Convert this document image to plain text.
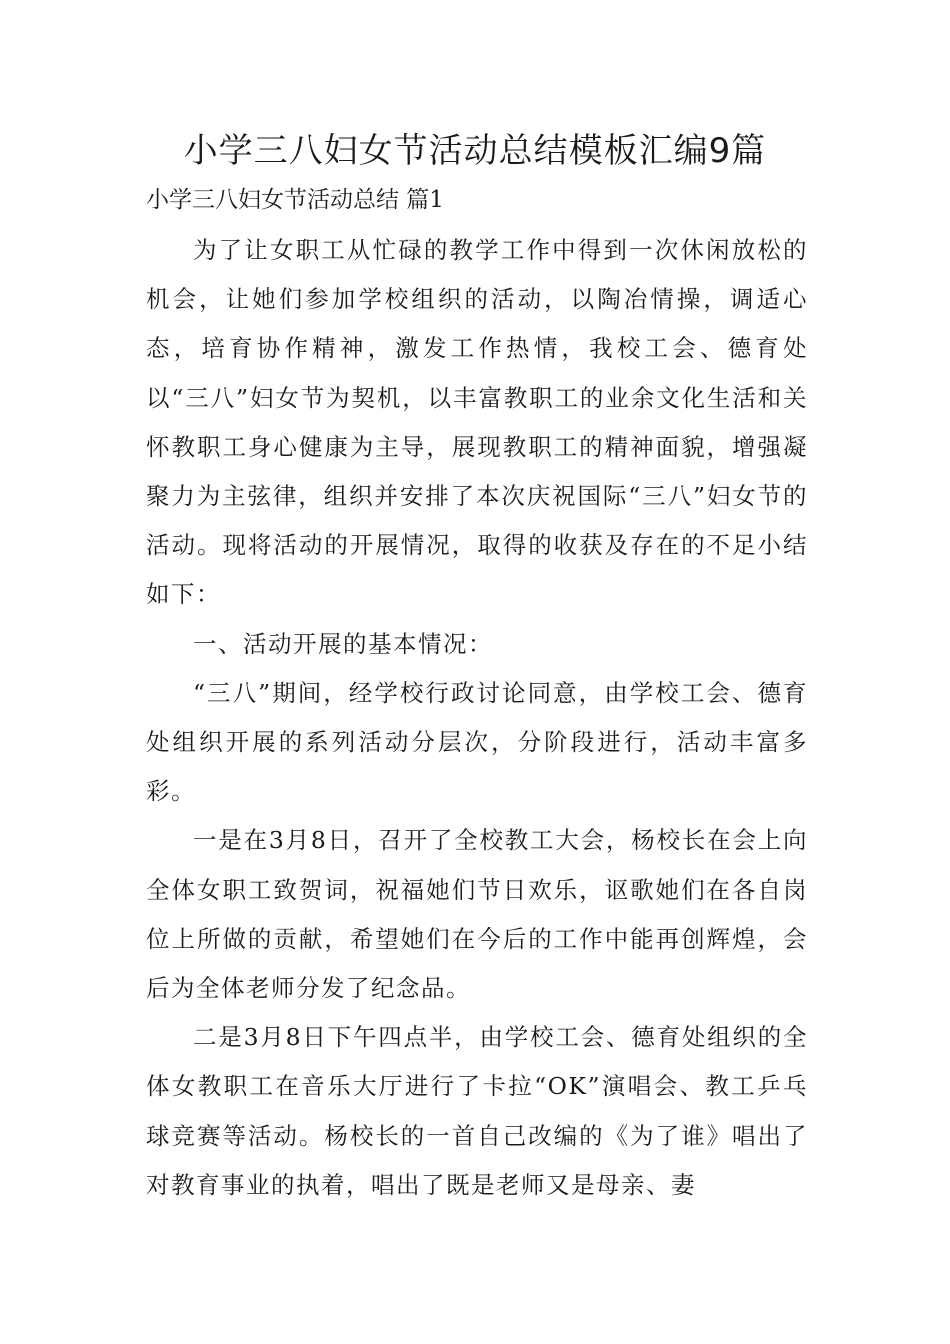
小学三八妇女节活动总结模板汇编9篇
小学三八妇女节活动总结 篇1

为了让女职工从忙碌的教学工作中得到一次休闲放松的机会，让她们参加学校组织的活动，以陶冶情操，调适心态，培育协作精神，激发工作热情，我校工会、德育处以“三八”妇女节为契机，以丰富教职工的业余文化生活和关怀教职工身心健康为主导，展现教职工的精神面貌，增强凝聚力为主弦律，组织并安排了本次庆祝国际“三八”妇女节的活动。现将活动的开展情况，取得的收获及存在的不足小结如下：

一、活动开展的基本情况：

“三八”期间，经学校行政讨论同意，由学校工会、德育处组织开展的系列活动分层次，分阶段进行，活动丰富多彩。

一是在3月8日，召开了全校教工大会，杨校长在会上向全体女职工致贺词，祝福她们节日欢乐，讴歌她们在各自岗位上所做的贡献，希望她们在今后的工作中能再创辉煌，会后为全体老师分发了纪念品。

二是3月8日下午四点半，由学校工会、德育处组织的全体女教职工在音乐大厅进行了卡拉“OK”演唱会、教工乒乓球竞赛等活动。杨校长的一首自己改编的《为了谁》唱出了对教育事业的执着，唱出了既是老师又是母亲、妻
